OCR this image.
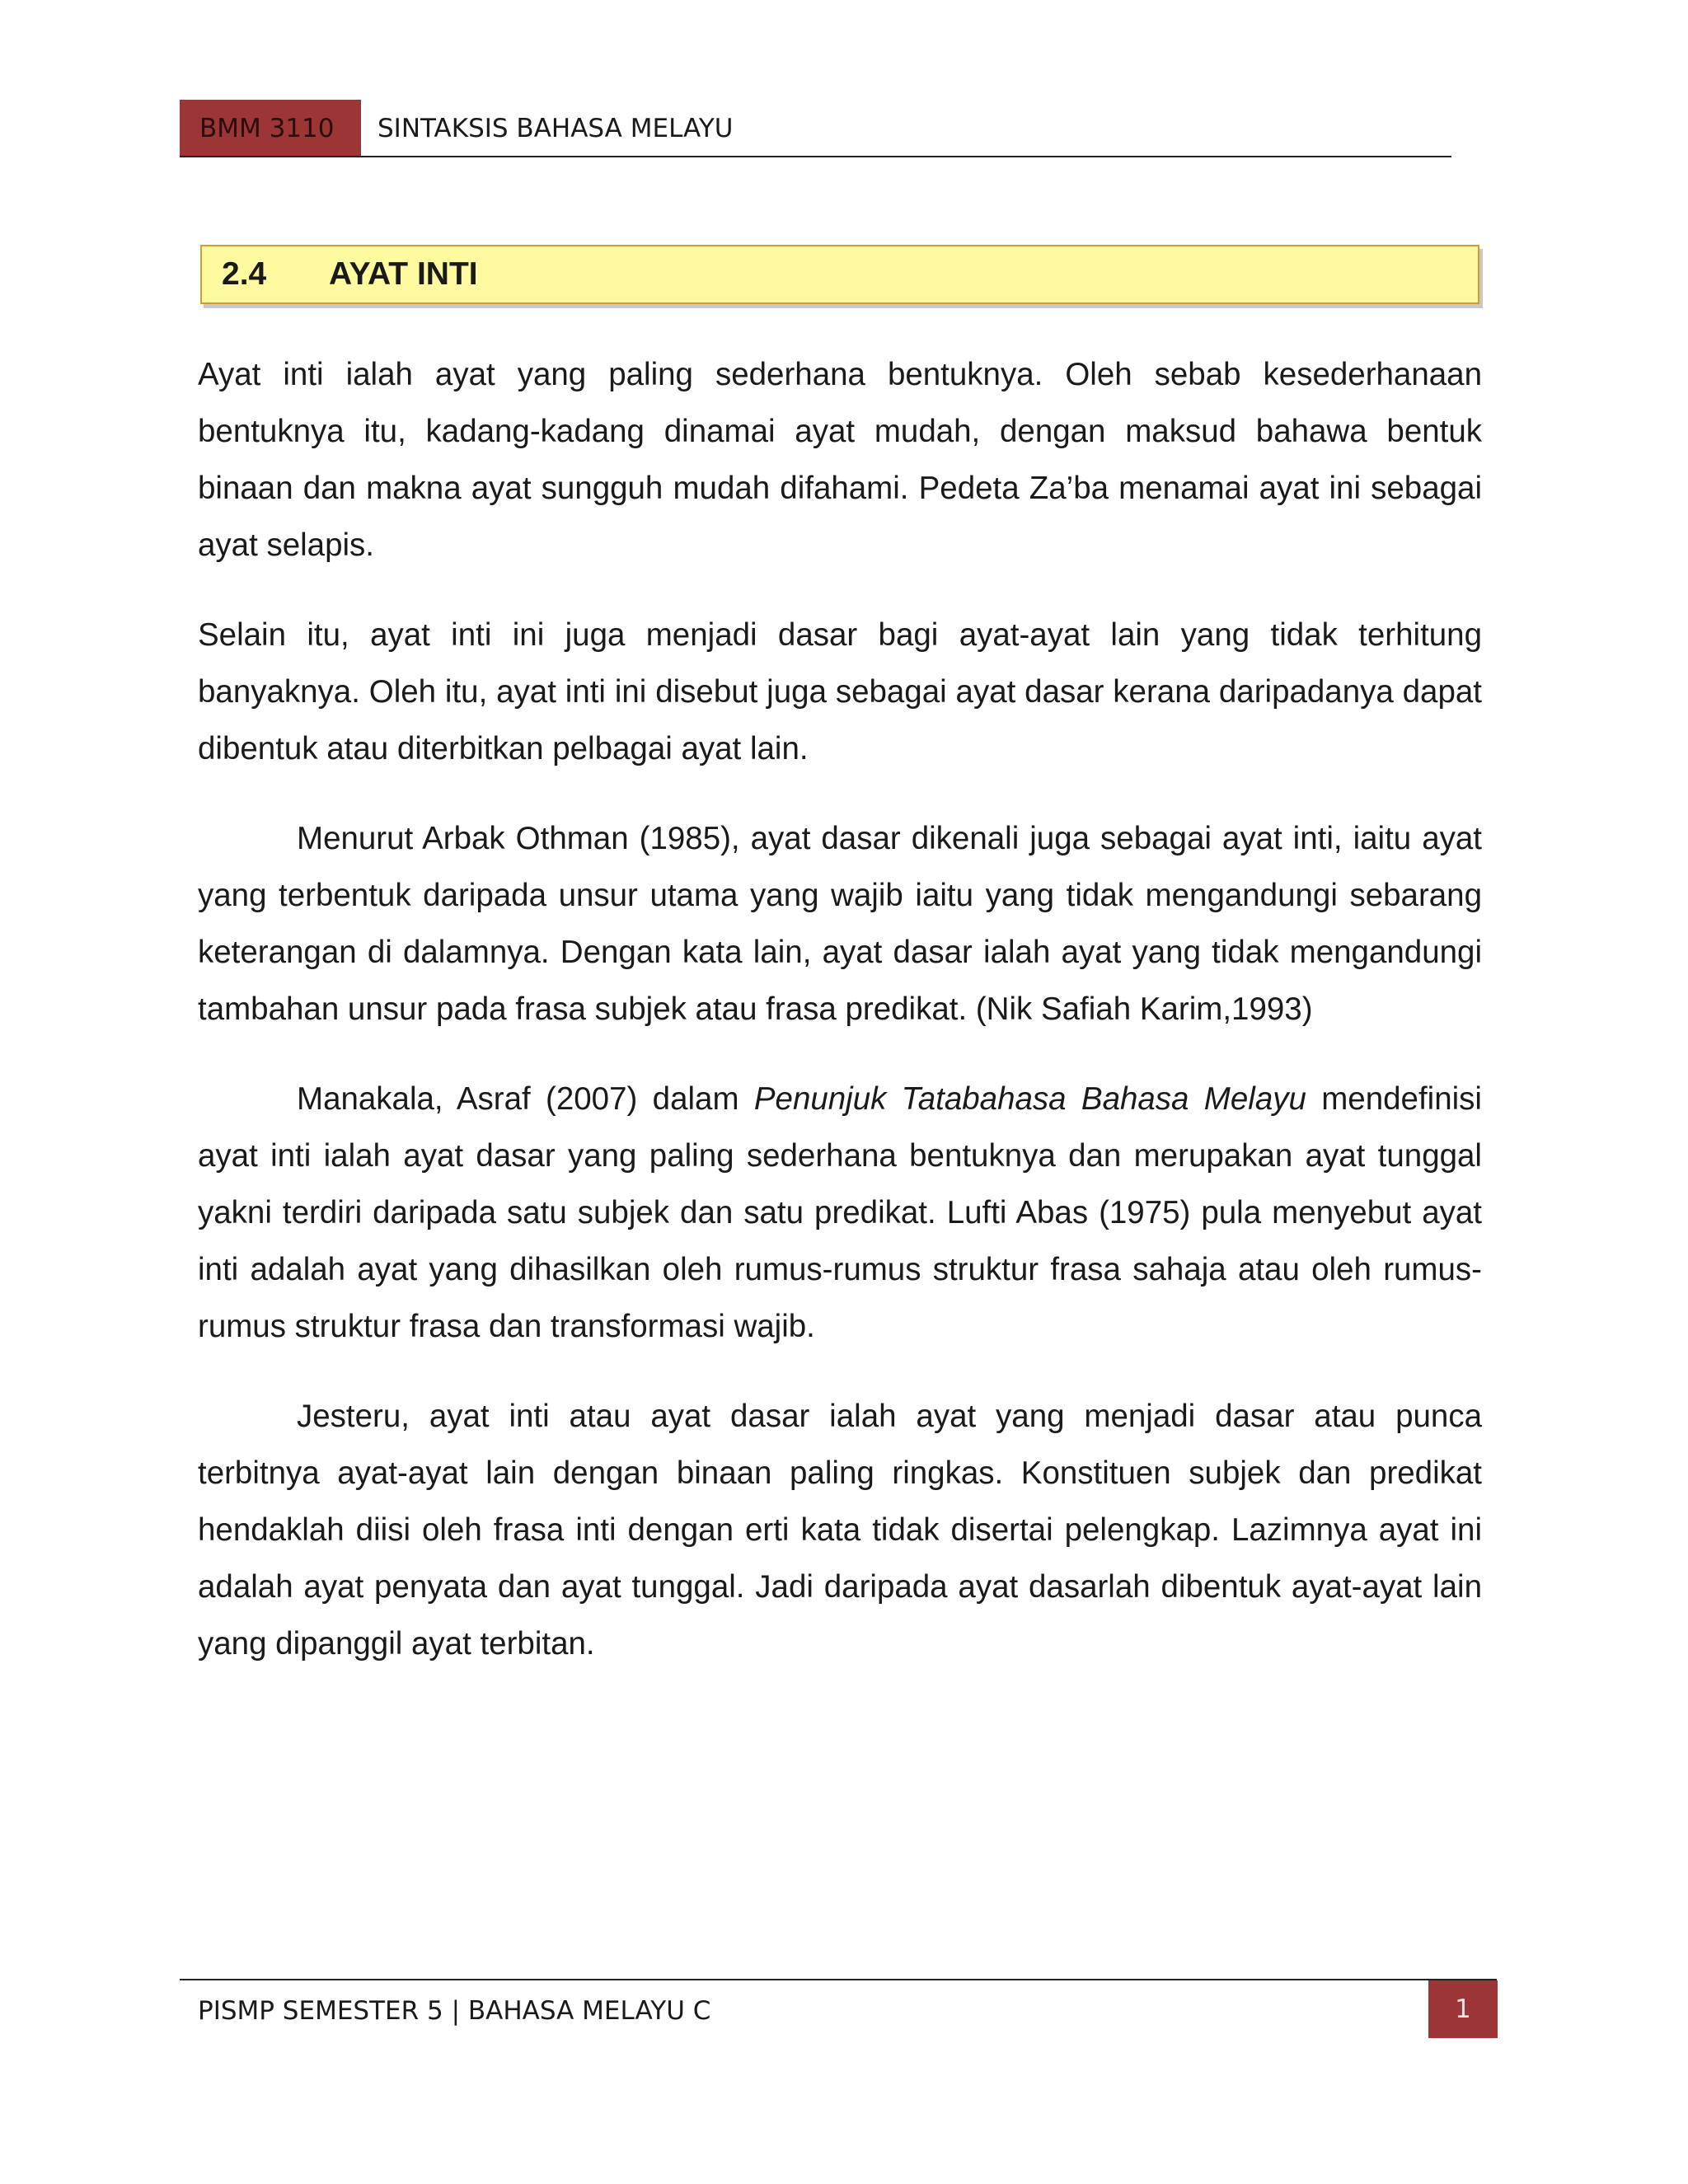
BMM 3110	SINTAKSIS BAHASA MELAYU
2.4 AYAT INTI

Ayat inti ialah ayat yang paling sederhana bentuknya. Oleh sebab kesederhanaan bentuknya itu, kadang-kadang dinamai ayat mudah, dengan maksud bahawa bentuk binaan dan makna ayat sungguh mudah difahami. Pedeta Za’ba menamai ayat ini sebagai ayat selapis.

Selain itu, ayat inti ini juga menjadi dasar bagi ayat-ayat lain yang tidak terhitung banyaknya. Oleh itu, ayat inti ini disebut juga sebagai ayat dasar kerana daripadanya dapat dibentuk atau diterbitkan pelbagai ayat lain.

Menurut Arbak Othman (1985), ayat dasar dikenali juga sebagai ayat inti, iaitu ayat yang terbentuk daripada unsur utama yang wajib iaitu yang tidak mengandungi sebarang keterangan di dalamnya. Dengan kata lain, ayat dasar ialah ayat yang tidak mengandungi tambahan unsur pada frasa subjek atau frasa predikat. (Nik Safiah Karim,1993)

Manakala, Asraf (2007) dalam Penunjuk Tatabahasa Bahasa Melayu mendefinisi ayat inti ialah ayat dasar yang paling sederhana bentuknya dan merupakan ayat tunggal yakni terdiri daripada satu subjek dan satu predikat. Lufti Abas (1975) pula menyebut ayat inti adalah ayat yang dihasilkan oleh rumus-rumus struktur frasa sahaja atau oleh rumus-rumus struktur frasa dan transformasi wajib.

Jesteru, ayat inti atau ayat dasar ialah ayat yang menjadi dasar atau punca terbitnya ayat-ayat lain dengan binaan paling ringkas. Konstituen subjek dan predikat hendaklah diisi oleh frasa inti dengan erti kata tidak disertai pelengkap. Lazimnya ayat ini adalah ayat penyata dan ayat tunggal. Jadi daripada ayat dasarlah dibentuk ayat-ayat lain yang dipanggil ayat terbitan.

PISMP SEMESTER 5 | BAHASA MELAYU C	1
